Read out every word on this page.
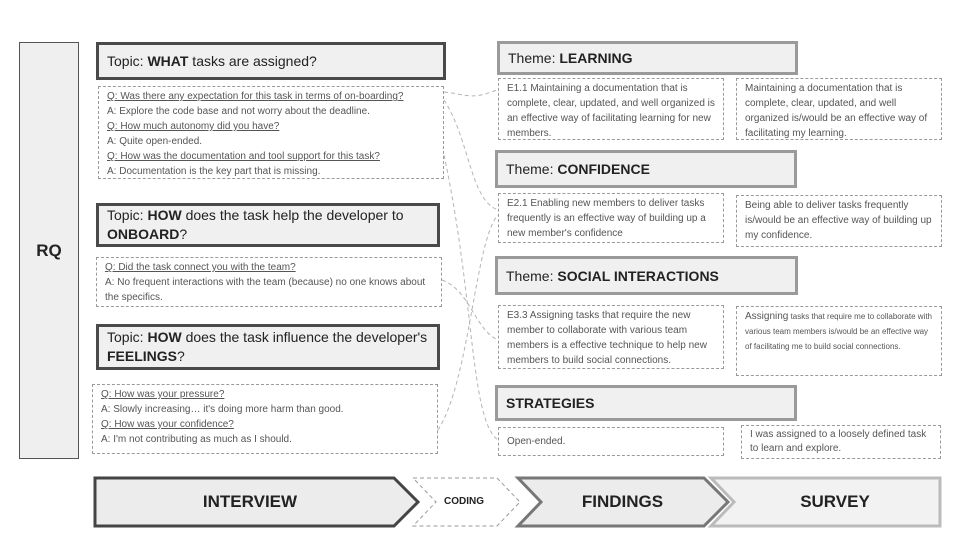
RQ
Topic: WHAT tasks are assigned?
Topic: HOW does the task help the developer to
ONBOARD?
Topic: HOW does the task influence the developer's
FEELINGS?
Q: Was there any expectation for this task in terms of on-boarding?
A: Explore the code base and not worry about the deadline.
Q: How much autonomy did you have?
A: Quite open-ended.
Q: How was the documentation and tool support for this task?
A: Documentation is the key part that is missing.
Q: Did the task connect you with the team?
A: No frequent interactions with the team (because) no one knows about the specifics.
Q: How was your pressure?
A: Slowly increasing… it's doing more harm than good.
Q: How was your confidence?
A: I'm not contributing as much as I should.
Theme: LEARNING
Theme: CONFIDENCE
Theme: SOCIAL INTERACTIONS
STRATEGIES
E1.1 Maintaining a documentation that is complete, clear, updated, and well organized is an effective way of facilitating learning for new members.
E2.1 Enabling new members to deliver tasks frequently is an effective way of building up a new member's confidence
E3.3 Assigning tasks that require the new member to collaborate with various team members is a effective technique to help new members to build social connections.
Open-ended.
Maintaining a documentation that is complete, clear, updated, and well organized is/would be an effective way of facilitating my learning.
Being able to deliver tasks frequently is/would be an effective way of building up my confidence.
Assigning tasks that require me to collaborate with various team members is/would be an effective way of facilitating me to build social connections.
I was assigned to a loosely defined task to learn and explore.
INTERVIEW	CODING	FINDINGS	SURVEY
